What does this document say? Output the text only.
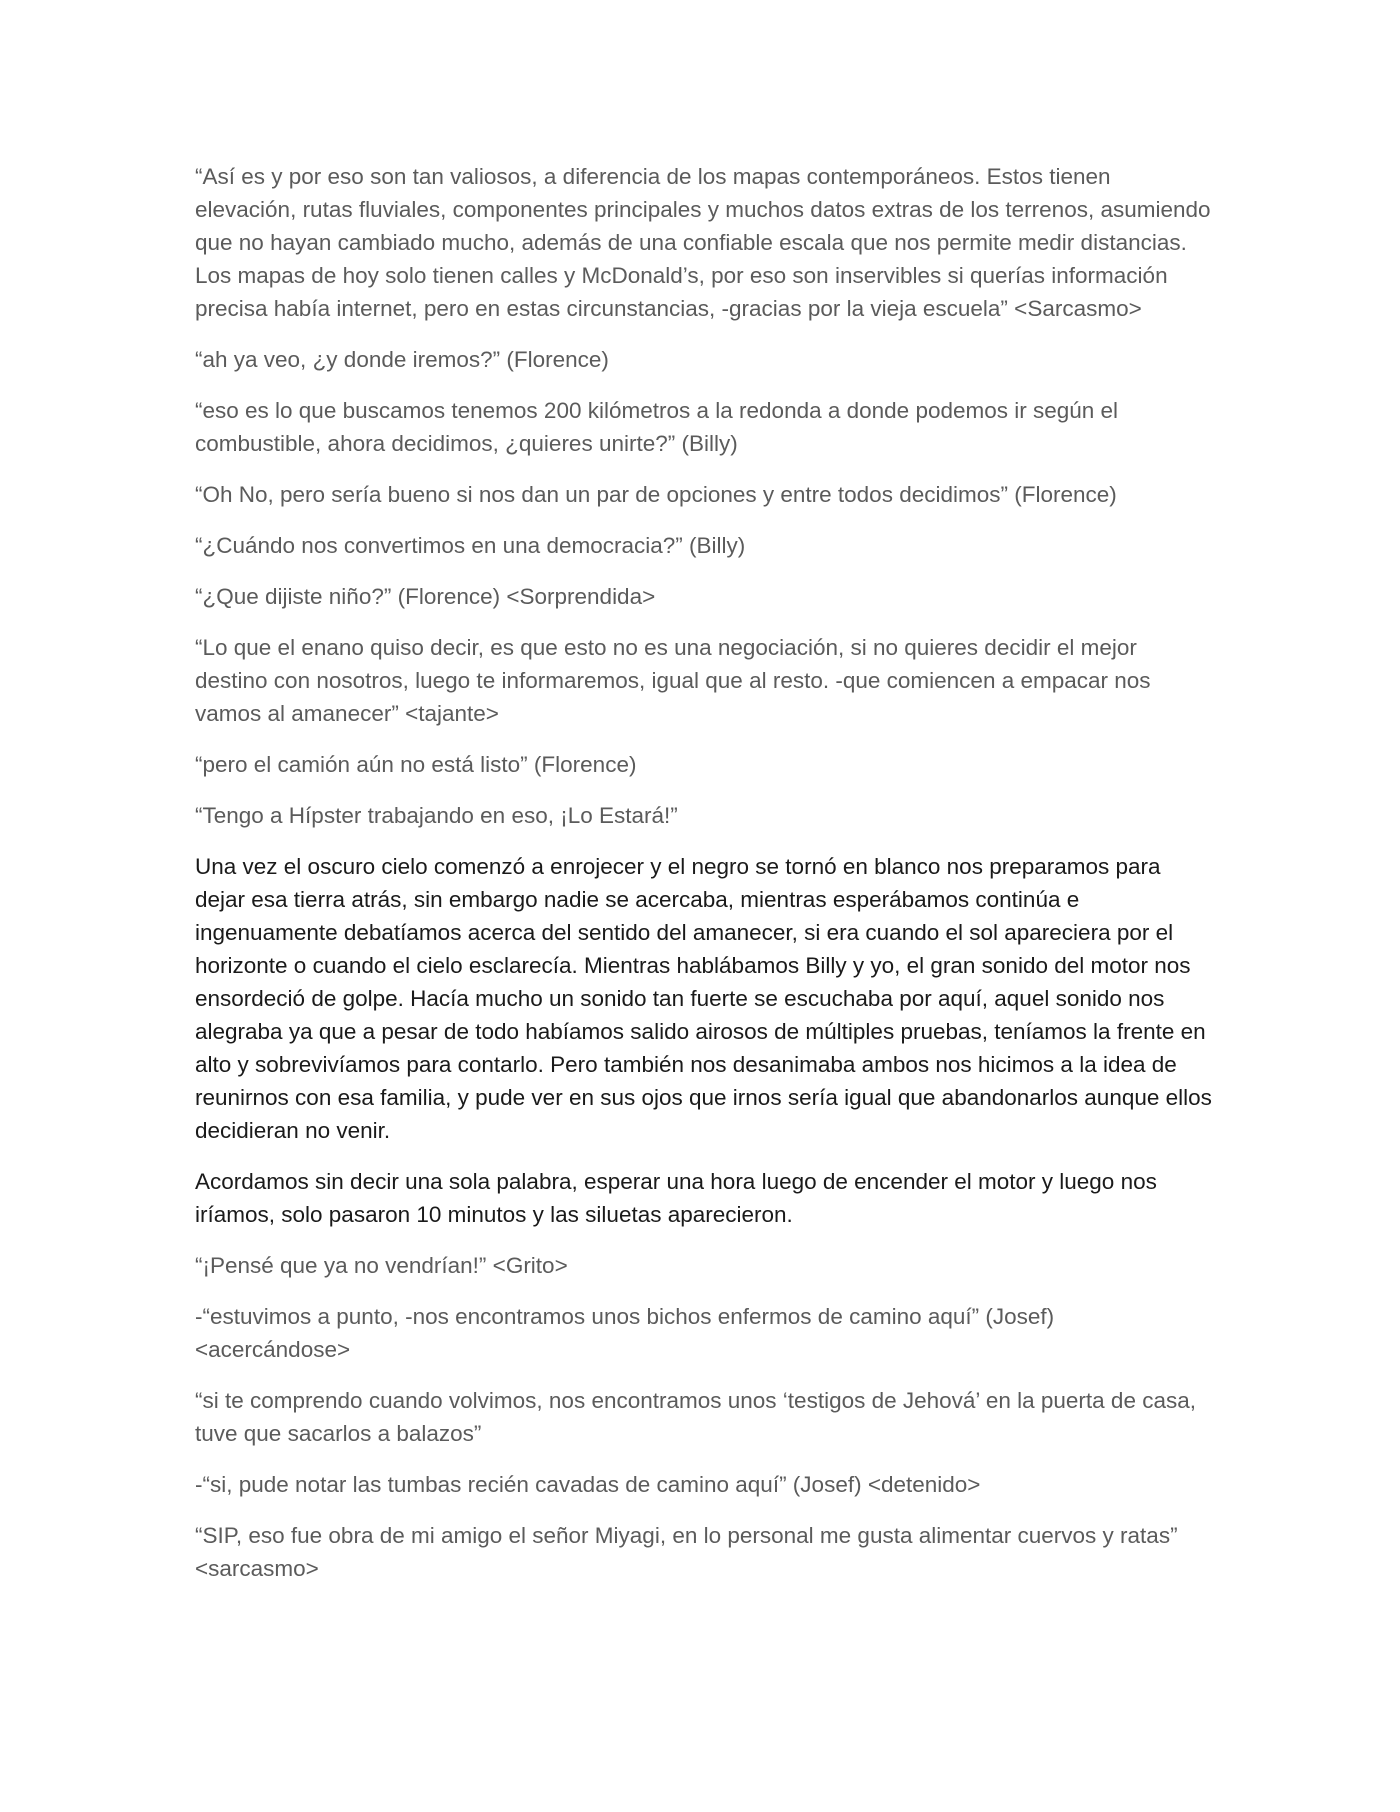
“Así es y por eso son tan valiosos, a diferencia de los mapas contemporáneos. Estos tienen elevación, rutas fluviales, componentes principales y muchos datos extras de los terrenos, asumiendo que no hayan cambiado mucho, además de una confiable escala que nos permite medir distancias. Los mapas de hoy solo tienen calles y McDonald’s, por eso son inservibles si querías información precisa había internet, pero en estas circunstancias, -gracias por la vieja escuela” <Sarcasmo>

“ah ya veo, ¿y donde iremos?” (Florence)

“eso es lo que buscamos tenemos 200 kilómetros a la redonda a donde podemos ir según el combustible, ahora decidimos, ¿quieres unirte?” (Billy)

“Oh No, pero sería bueno si nos dan un par de opciones y entre todos decidimos” (Florence)

“¿Cuándo nos convertimos en una democracia?” (Billy)

“¿Que dijiste niño?” (Florence) <Sorprendida>

“Lo que el enano quiso decir, es que esto no es una negociación, si no quieres decidir el mejor destino con nosotros, luego te informaremos, igual que al resto. -que comiencen a empacar nos vamos al amanecer” <tajante>

“pero el camión aún no está listo” (Florence)

“Tengo a Hípster trabajando en eso, ¡Lo Estará!”

Una vez el oscuro cielo comenzó a enrojecer y el negro se tornó en blanco nos preparamos para dejar esa tierra atrás, sin embargo nadie se acercaba, mientras esperábamos continúa e ingenuamente debatíamos acerca del sentido del amanecer, si era cuando el sol apareciera por el horizonte o cuando el cielo esclarecía. Mientras hablábamos Billy y yo, el gran sonido del motor nos ensordeció de golpe. Hacía mucho un sonido tan fuerte se escuchaba por aquí, aquel sonido nos alegraba ya que a pesar de todo habíamos salido airosos de múltiples pruebas, teníamos la frente en alto y sobrevivíamos para contarlo. Pero también nos desanimaba ambos nos hicimos a la idea de reunirnos con esa familia, y pude ver en sus ojos que irnos sería igual que abandonarlos aunque ellos decidieran no venir.

Acordamos sin decir una sola palabra, esperar una hora luego de encender el motor y luego nos iríamos, solo pasaron 10 minutos y las siluetas aparecieron.

“¡Pensé que ya no vendrían!” <Grito>

-“estuvimos a punto, -nos encontramos unos bichos enfermos de camino aquí” (Josef) <acercándose>

“si te comprendo cuando volvimos, nos encontramos unos ‘testigos de Jehová’ en la puerta de casa, tuve que sacarlos a balazos”

-“si, pude notar las tumbas recién cavadas de camino aquí” (Josef) <detenido>

“SIP, eso fue obra de mi amigo el señor Miyagi, en lo personal me gusta alimentar cuervos y ratas” <sarcasmo>
